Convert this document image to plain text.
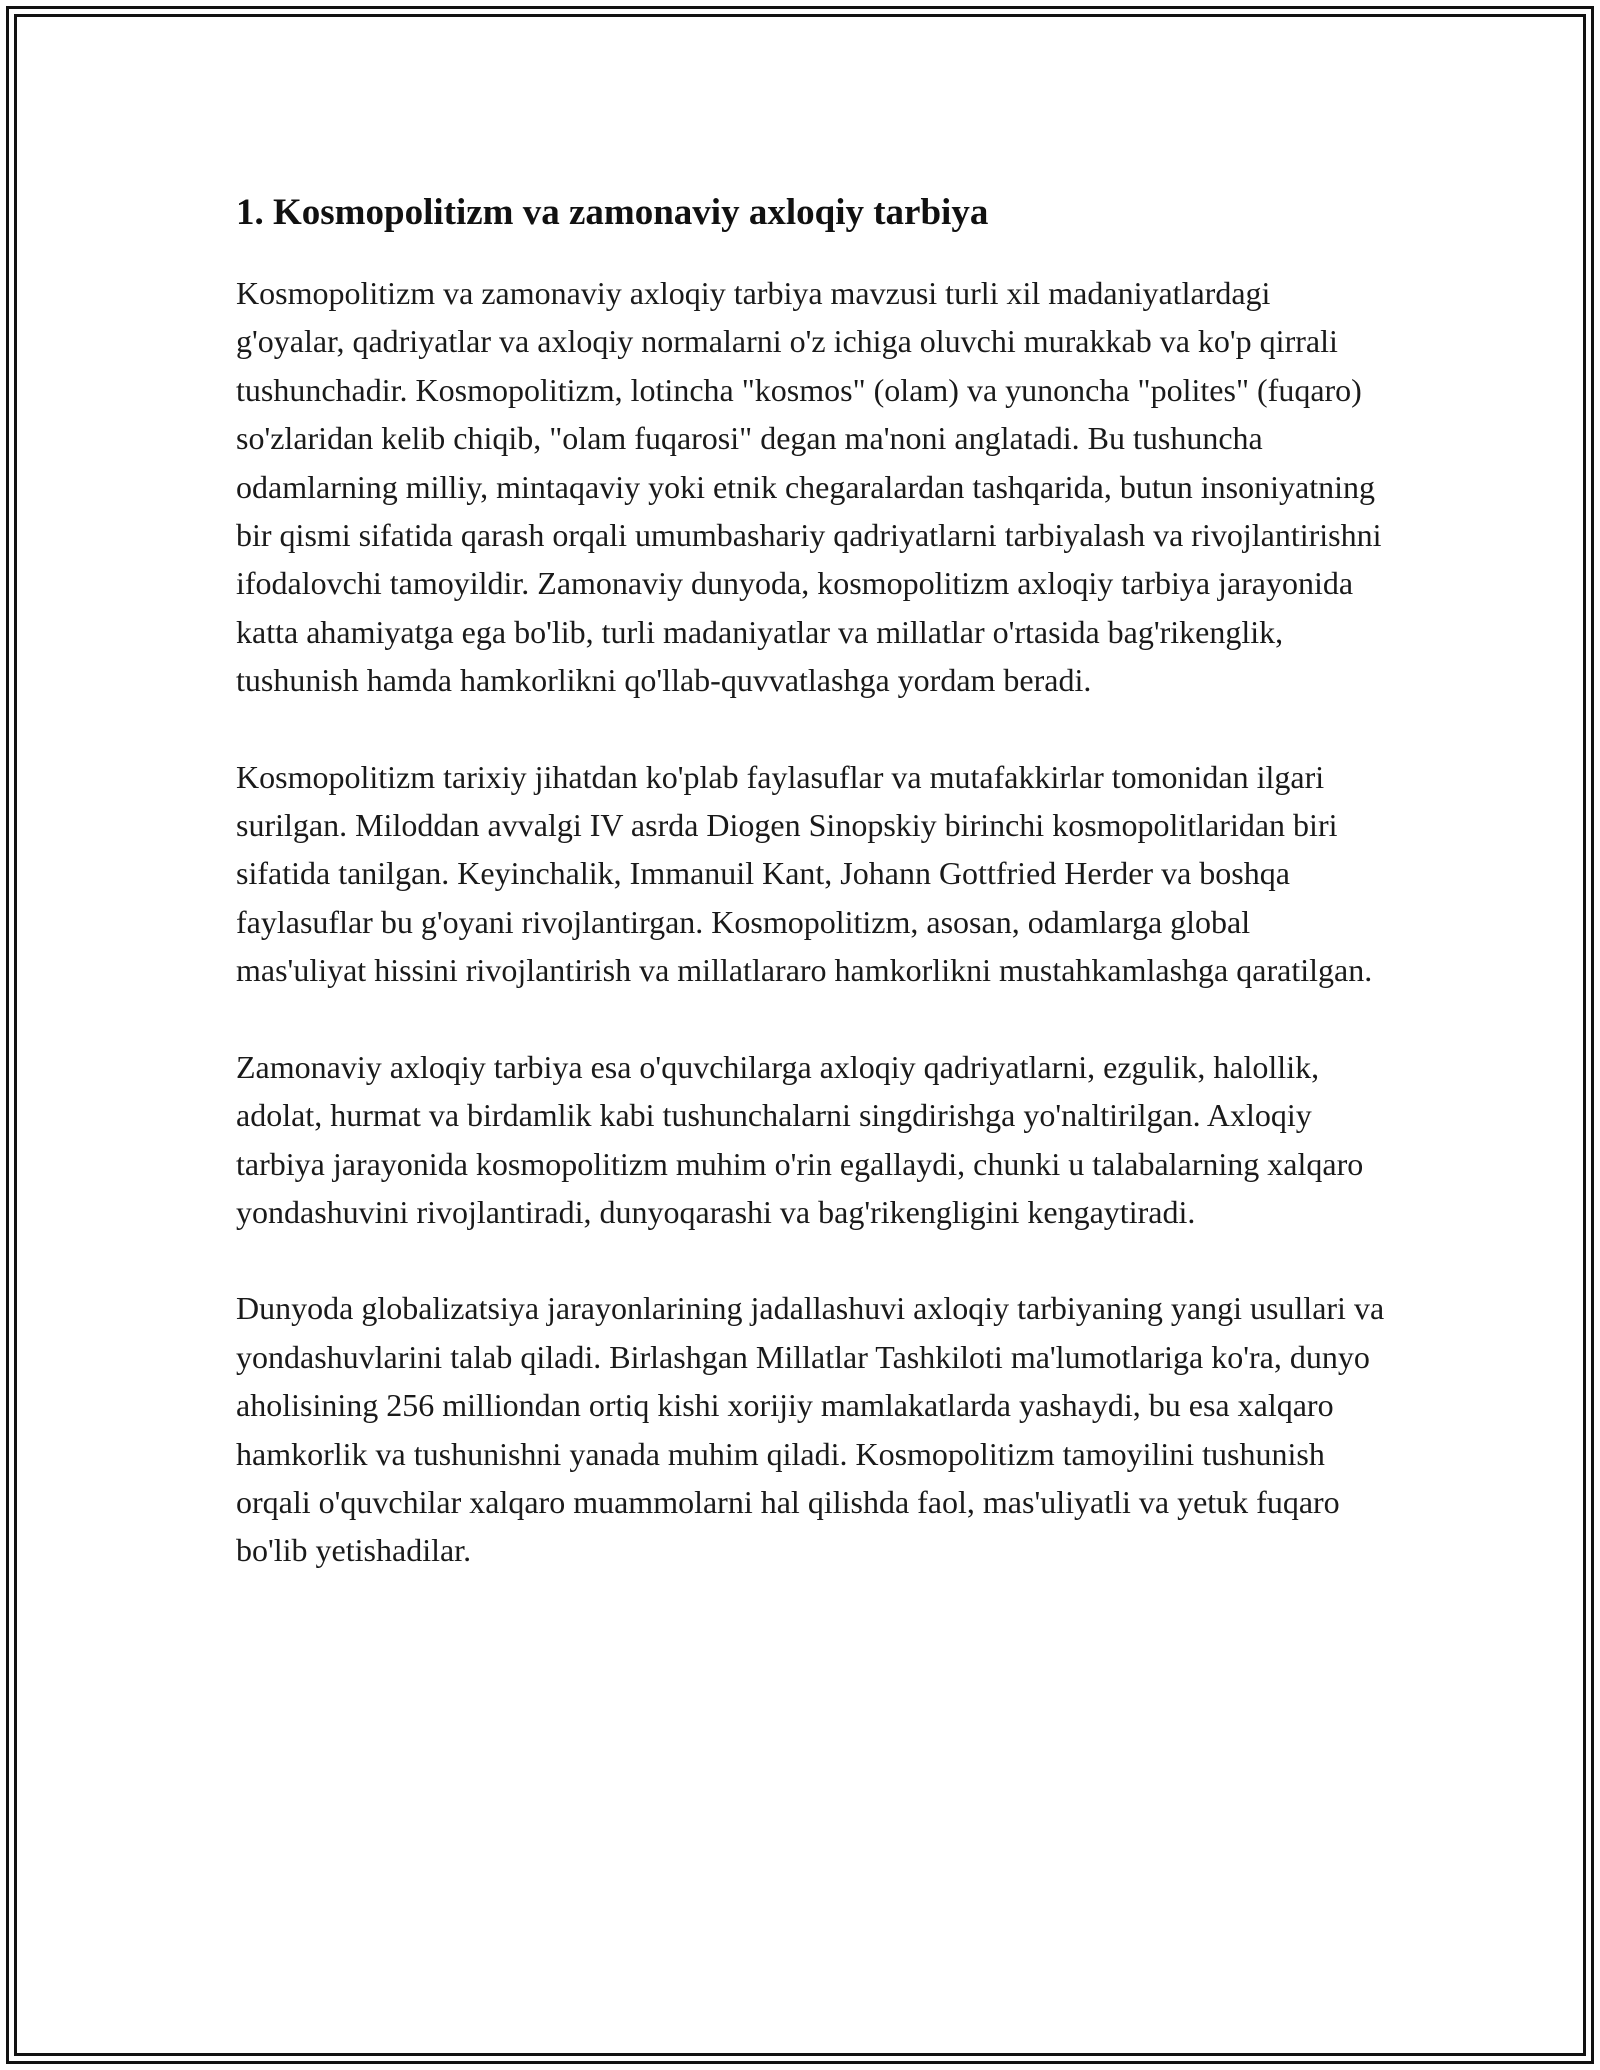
1. Kosmopolitizm va zamonaviy axloqiy tarbiya

Kosmopolitizm va zamonaviy axloqiy tarbiya mavzusi turli xil madaniyatlardagi g'oyalar, qadriyatlar va axloqiy normalarni o'z ichiga oluvchi murakkab va ko'p qirrali tushunchadir. Kosmopolitizm, lotincha "kosmos" (olam) va yunoncha "polites" (fuqaro) so'zlaridan kelib chiqib, "olam fuqarosi" degan ma'noni anglatadi. Bu tushuncha odamlarning milliy, mintaqaviy yoki etnik chegaralardan tashqarida, butun insoniyatning bir qismi sifatida qarash orqali umumbashariy qadriyatlarni tarbiyalash va rivojlantirishni ifodalovchi tamoyildir. Zamonaviy dunyoda, kosmopolitizm axloqiy tarbiya jarayonida katta ahamiyatga ega bo'lib, turli madaniyatlar va millatlar o'rtasida bag'rikenglik, tushunish hamda hamkorlikni qo'llab-quvvatlashga yordam beradi.

Kosmopolitizm tarixiy jihatdan ko'plab faylasuflar va mutafakkirlar tomonidan ilgari surilgan. Miloddan avvalgi IV asrda Diogen Sinopskiy birinchi kosmopolitlaridan biri sifatida tanilgan. Keyinchalik, Immanuil Kant, Johann Gottfried Herder va boshqa faylasuflar bu g'oyani rivojlantirgan. Kosmopolitizm, asosan, odamlarga global mas'uliyat hissini rivojlantirish va millatlararo hamkorlikni mustahkamlashga qaratilgan.

Zamonaviy axloqiy tarbiya esa o'quvchilarga axloqiy qadriyatlarni, ezgulik, halollik, adolat, hurmat va birdamlik kabi tushunchalarni singdirishga yo'naltirilgan. Axloqiy tarbiya jarayonida kosmopolitizm muhim o'rin egallaydi, chunki u talabalarning xalqaro yondashuvini rivojlantiradi, dunyoqarashi va bag'rikengligini kengaytiradi.

Dunyoda globalizatsiya jarayonlarining jadallashuvi axloqiy tarbiyaning yangi usullari va yondashuvlarini talab qiladi. Birlashgan Millatlar Tashkiloti ma'lumotlariga ko'ra, dunyo aholisining 256 milliondan ortiq kishi xorijiy mamlakatlarda yashaydi, bu esa xalqaro hamkorlik va tushunishni yanada muhim qiladi. Kosmopolitizm tamoyilini tushunish orqali o'quvchilar xalqaro muammolarni hal qilishda faol, mas'uliyatli va yetuk fuqaro bo'lib yetishadilar.
